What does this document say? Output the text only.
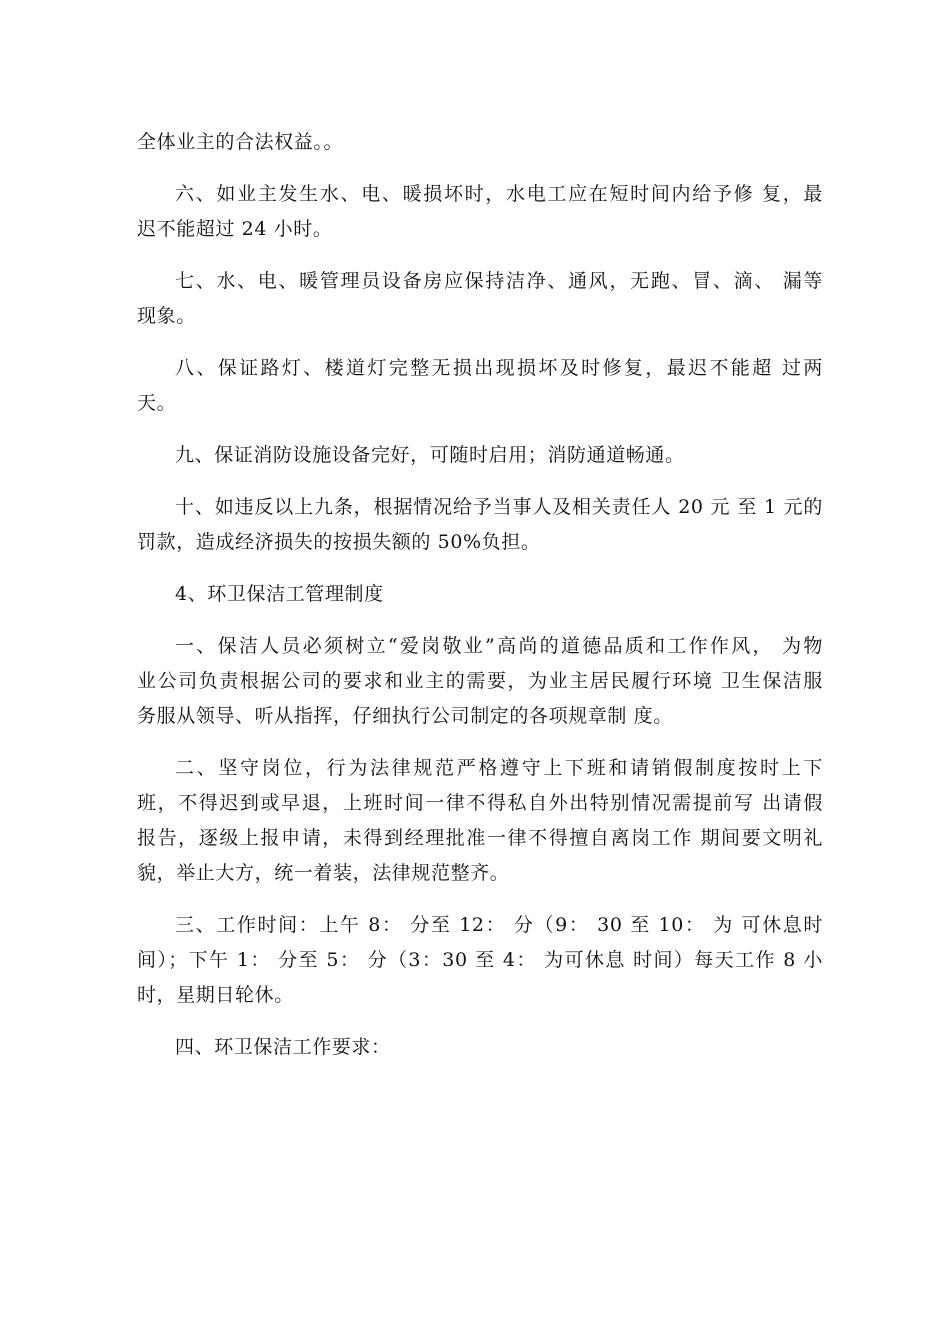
全体业主的合法权益。。
六、如业主发生水、电、暖损坏时，水电工应在短时间内给予修 复，最
迟不能超过 24 小时。
七、水、电、暖管理员设备房应保持洁净、通风，无跑、冒、滴、 漏等
现象。
八、保证路灯、楼道灯完整无损出现损坏及时修复，最迟不能超 过两
天。
九、保证消防设施设备完好，可随时启用；消防通道畅通。
十、如违反以上九条，根据情况给予当事人及相关责任人 20 元 至 1 元的
罚款，造成经济损失的按损失额的 50%负担。
4、环卫保洁工管理制度
一、保洁人员必须树立“爱岗敬业”高尚的道德品质和工作作风， 为物
业公司负责根据公司的要求和业主的需要，为业主居民履行环境 卫生保洁服
务服从领导、听从指挥，仔细执行公司制定的各项规章制 度。
二、坚守岗位，行为法律规范严格遵守上下班和请销假制度按时上下
班，不得迟到或早退，上班时间一律不得私自外出特别情况需提前写 出请假
报告，逐级上报申请，未得到经理批准一律不得擅自离岗工作 期间要文明礼
貌，举止大方，统一着装，法律规范整齐。
三、工作时间：上午 8： 分至 12： 分（9： 30 至 10： 为 可休息时
间）；下午 1： 分至 5： 分（3：30 至 4： 为可休息 时间）每天工作 8 小
时，星期日轮休。
四、环卫保洁工作要求：
